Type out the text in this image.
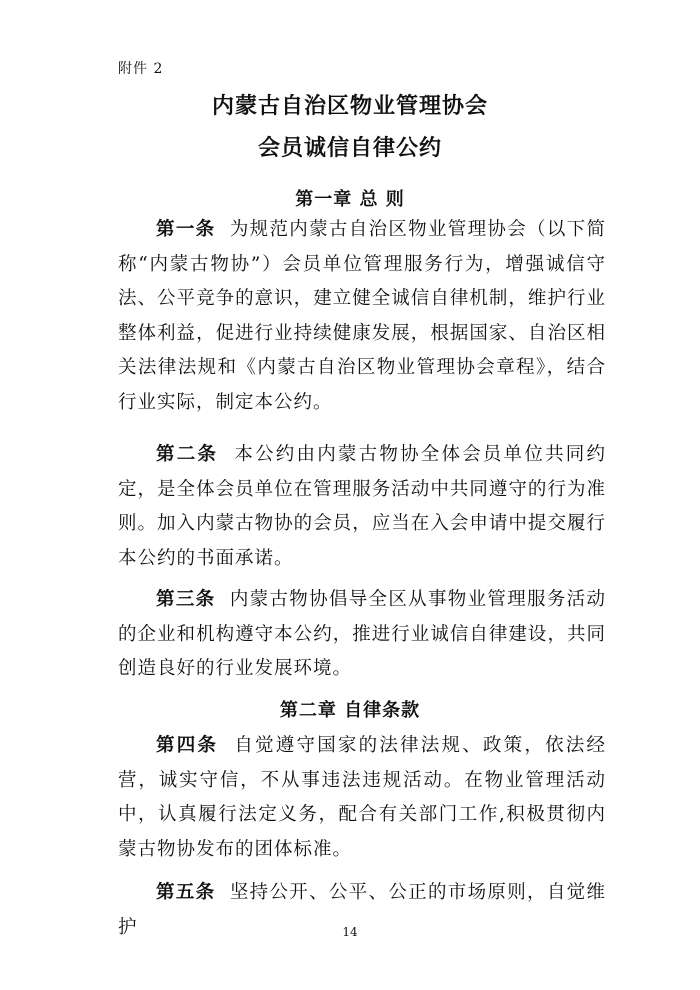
附件 2
内蒙古自治区物业管理协会
会员诚信自律公约
第一章 总 则

第一条 为规范内蒙古自治区物业管理协会（以下简称“内蒙古物协”）会员单位管理服务行为，增强诚信守法、公平竞争的意识，建立健全诚信自律机制，维护行业整体利益，促进行业持续健康发展，根据国家、自治区相关法律法规和《内蒙古自治区物业管理协会章程》，结合行业实际，制定本公约。

第二条 本公约由内蒙古物协全体会员单位共同约定，是全体会员单位在管理服务活动中共同遵守的行为准则。加入内蒙古物协的会员，应当在入会申请中提交履行本公约的书面承诺。

第三条 内蒙古物协倡导全区从事物业管理服务活动的企业和机构遵守本公约，推进行业诚信自律建设，共同创造良好的行业发展环境。

第二章 自律条款

第四条 自觉遵守国家的法律法规、政策，依法经营，诚实守信，不从事违法违规活动。在物业管理活动中，认真履行法定义务，配合有关部门工作,积极贯彻内蒙古物协发布的团体标准。

第五条 坚持公开、公平、公正的市场原则，自觉维护	14
